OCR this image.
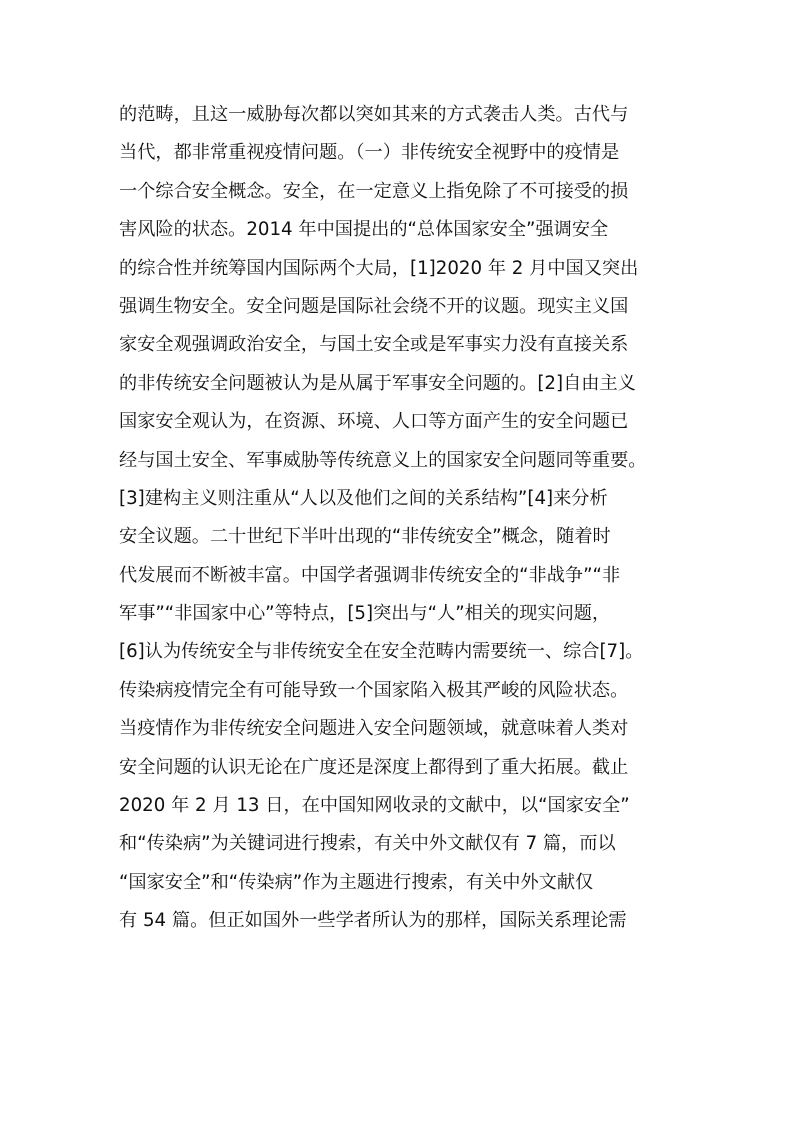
的范畴，且这一威胁每次都以突如其来的方式袭击人类。古代与
当代，都非常重视疫情问题。（一）非传统安全视野中的疫情是
一个综合安全概念。安全，在一定意义上指免除了不可接受的损
害风险的状态。2014 年中国提出的“总体国家安全”强调安全
的综合性并统筹国内国际两个大局，[1]2020 年 2 月中国又突出
强调生物安全。安全问题是国际社会绕不开的议题。现实主义国
家安全观强调政治安全，与国土安全或是军事实力没有直接关系
的非传统安全问题被认为是从属于军事安全问题的。[2]自由主义
国家安全观认为，在资源、环境、人口等方面产生的安全问题已
经与国土安全、军事威胁等传统意义上的国家安全问题同等重要。
[3]建构主义则注重从“人以及他们之间的关系结构”[4]来分析
安全议题。二十世纪下半叶出现的“非传统安全”概念，随着时
代发展而不断被丰富。中国学者强调非传统安全的“非战争”“非
军事”“非国家中心”等特点，[5]突出与“人”相关的现实问题，
[6]认为传统安全与非传统安全在安全范畴内需要统一、综合[7]。
传染病疫情完全有可能导致一个国家陷入极其严峻的风险状态。
当疫情作为非传统安全问题进入安全问题领域，就意味着人类对
安全问题的认识无论在广度还是深度上都得到了重大拓展。截止
2020 年 2 月 13 日，在中国知网收录的文献中，以“国家安全”
和“传染病”为关键词进行搜索，有关中外文献仅有 7 篇，而以
“国家安全”和“传染病”作为主题进行搜索，有关中外文献仅
有 54 篇。但正如国外一些学者所认为的那样，国际关系理论需
